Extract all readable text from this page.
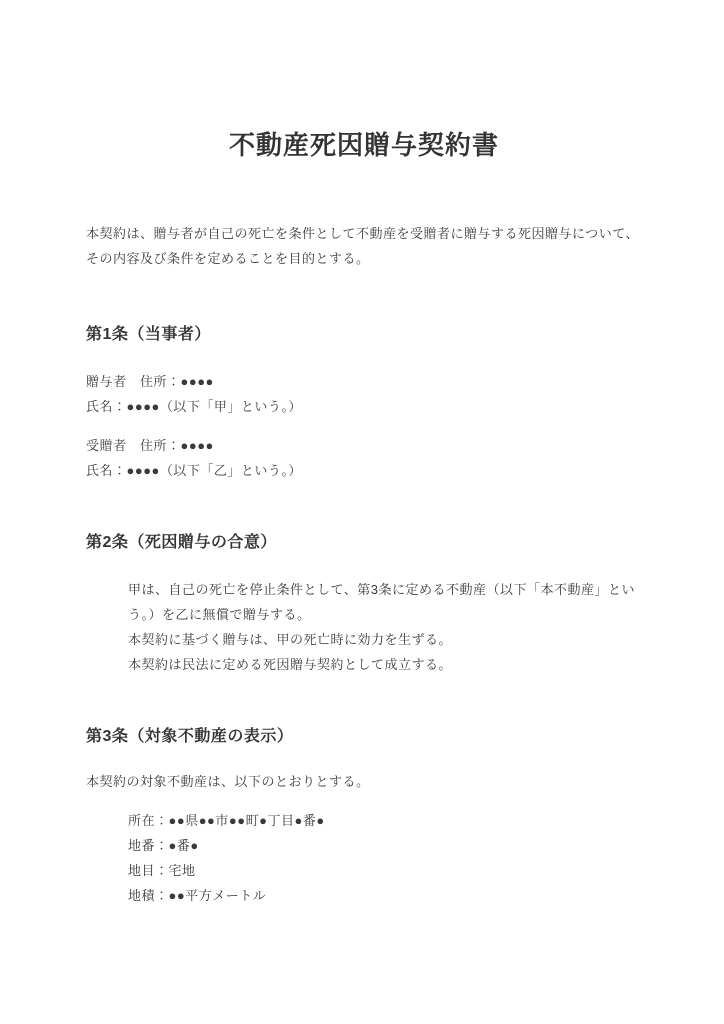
不動産死因贈与契約書

本契約は、贈与者が自己の死亡を条件として不動産を受贈者に贈与する死因贈与について、その内容及び条件を定めることを目的とする。

第1条（当事者）
贈与者　住所：●●●●
氏名：●●●●（以下「甲」という。）
受贈者　住所：●●●●
氏名：●●●●（以下「乙」という。）
第2条（死因贈与の合意）
甲は、自己の死亡を停止条件として、第3条に定める不動産（以下「本不動産」という。）を乙に無償で贈与する。
本契約に基づく贈与は、甲の死亡時に効力を生ずる。
本契約は民法に定める死因贈与契約として成立する。
第3条（対象不動産の表示）

本契約の対象不動産は、以下のとおりとする。

所在：●●県●●市●●町●丁目●番●
地番：●番●
地目：宅地
地積：●●平方メートル
